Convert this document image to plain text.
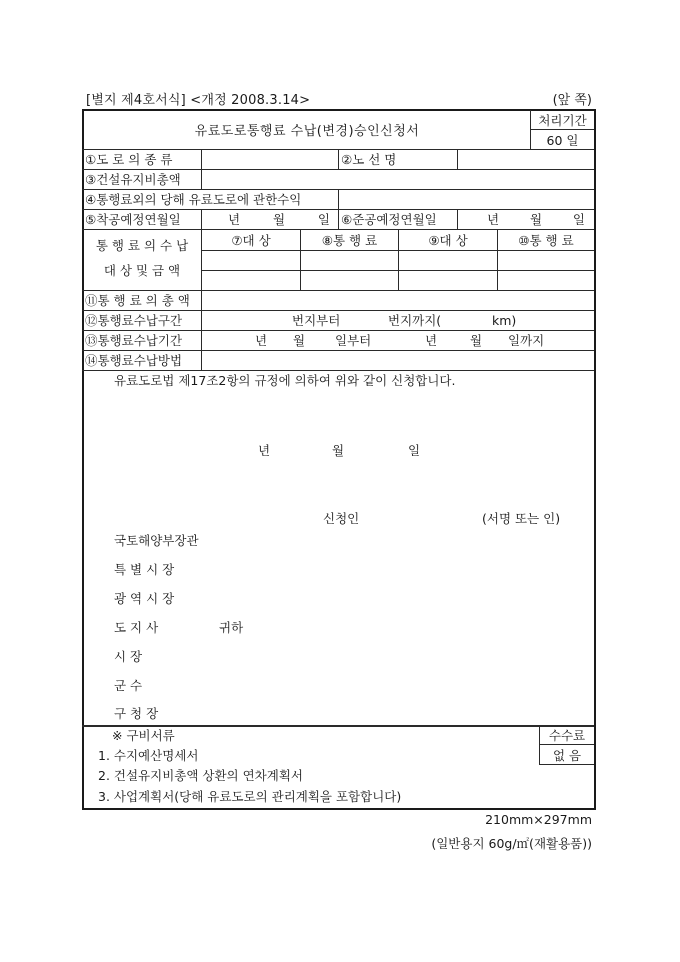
[별지 제4호서식] <개정 2008.3.14>	(앞 쪽)
유료도로통행료 수납(변경)승인신청서
처리기간
60 일
①도 로 의 종 류	②노 선 명
③건설유지비총액
④통행료외의 당해 유료도로에 관한수익
⑤착공예정연월일	년	월	일 ⑥준공예정연월일	년 월 일
통 행 료 의 수 납
대 상 및 금 액
⑦대 상	⑧통 행 료	⑨대 상	⑩통 행 료
⑪통 행 료 의 총 액
⑫통행료수납구간	번지부터	번지까지(	km)
⑬통행료수납기간	년 월 일부터	년	월 일까지
⑭통행료수납방법
유료도로법 제17조2항의 규정에 의하여 위와 같이 신청합니다.
년	월	일
신청인	(서명 또는 인)
국토해양부장관
특 별 시 장
광 역 시 장
도 지 사	귀하
시 장
군 수
구 청 장
※ 구비서류
1. 수지예산명세서
2. 건설유지비총액 상환의 연차계획서
3. 사업계획서(당해 유료도로의 관리계획을 포함합니다)
수수료
없 음
210mm×297mm
(일반용지 60g/㎡(재활용품))
